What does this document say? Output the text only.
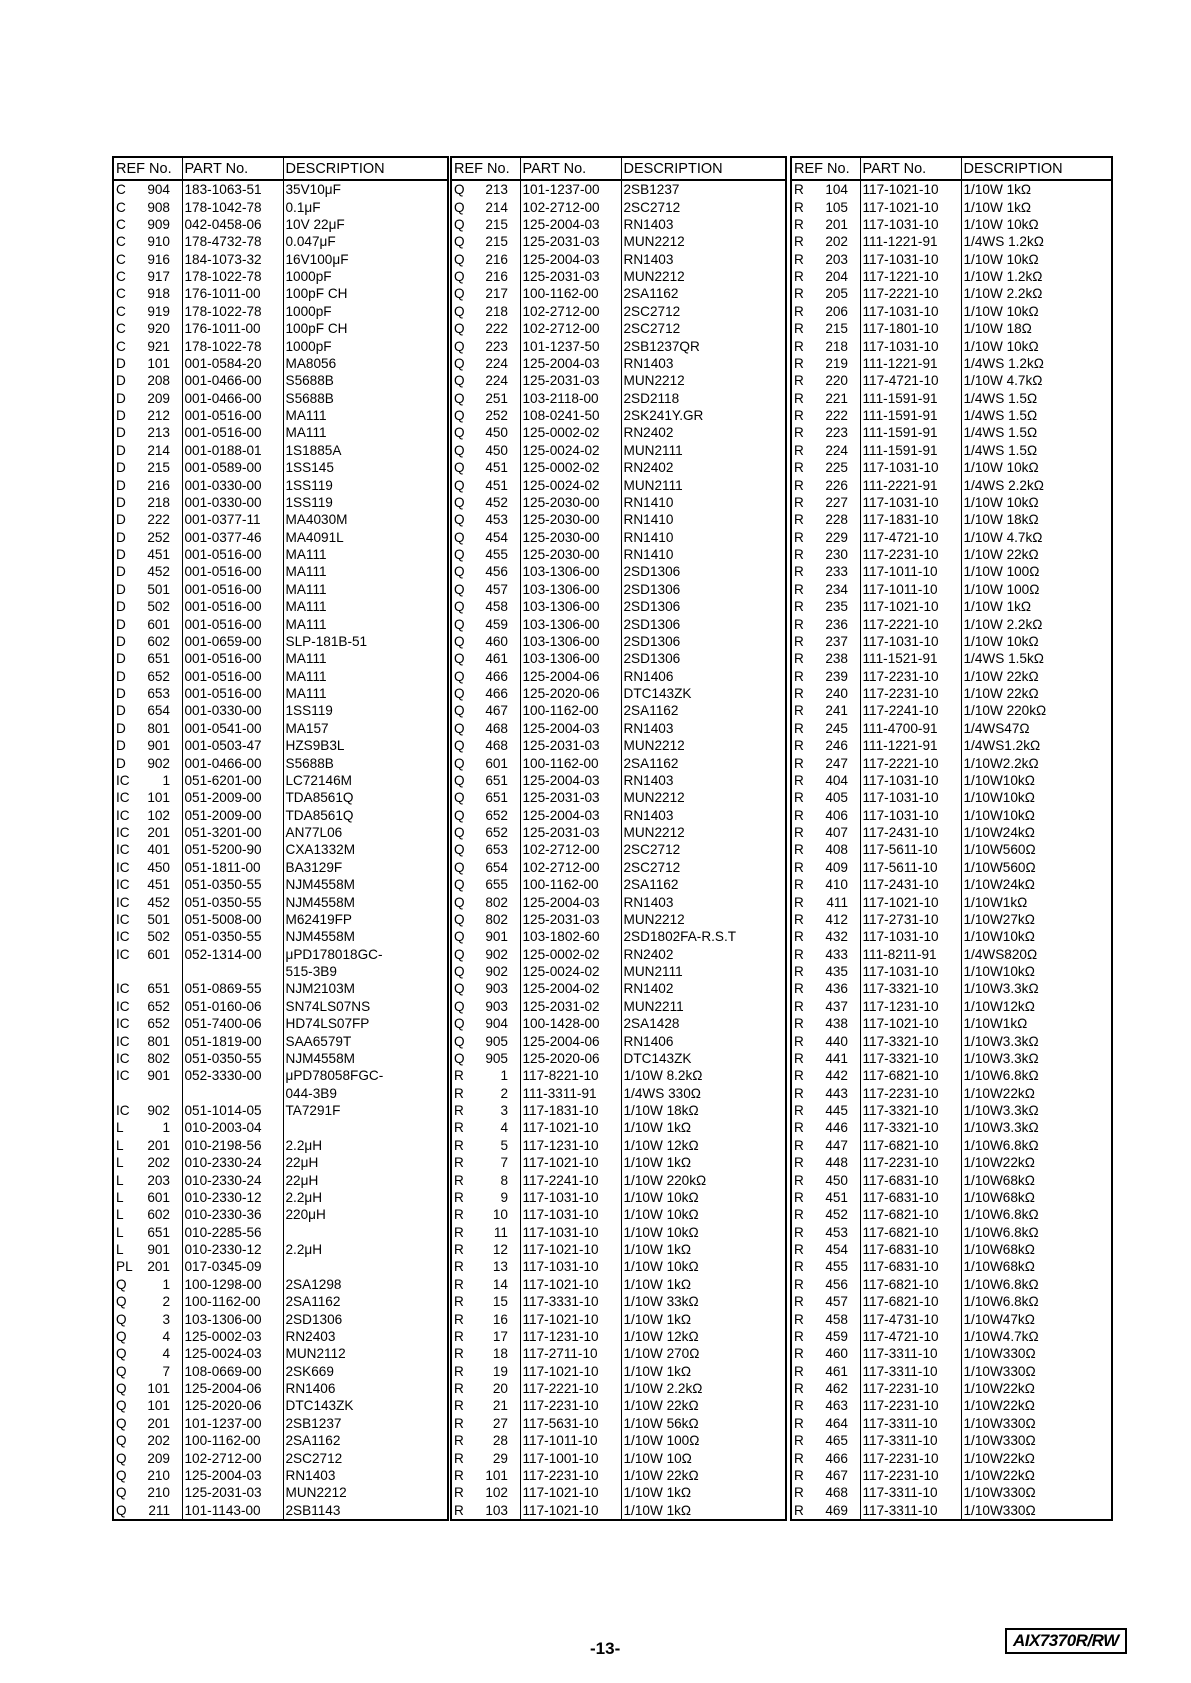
REF No.	PART No.	DESCRIPTION
C 904	183-1063-51	35V10μF
C 908	178-1042-78	0.1μF
C 909	042-0458-06	10V 22μF
C 910	178-4732-78	0.047μF
C 916	184-1073-32	16V100μF
C 917	178-1022-78	1000pF
C 918	176-1011-00	100pF CH
C 919	178-1022-78	1000pF
C 920	176-1011-00	100pF CH
C 921	178-1022-78	1000pF
D 101	001-0584-20	MA8056
D 208	001-0466-00	S5688B
D 209	001-0466-00	S5688B
D 212	001-0516-00	MA111
D 213	001-0516-00	MA111
D 214	001-0188-01	1S1885A
D 215	001-0589-00	1SS145
D 216	001-0330-00	1SS119
D 218	001-0330-00	1SS119
D 222	001-0377-11	MA4030M
D 252	001-0377-46	MA4091L
D 451	001-0516-00	MA111
D 452	001-0516-00	MA111
D 501	001-0516-00	MA111
D 502	001-0516-00	MA111
D 601	001-0516-00	MA111
D 602	001-0659-00	SLP-181B-51
D 651	001-0516-00	MA111
D 652	001-0516-00	MA111
D 653	001-0516-00	MA111
D 654	001-0330-00	1SS119
D 801	001-0541-00	MA157
D 901	001-0503-47	HZS9B3L
D 902	001-0466-00	S5688B
IC 1	051-6201-00	LC72146M
IC 101	051-2009-00	TDA8561Q
IC 102	051-2009-00	TDA8561Q
IC 201	051-3201-00	AN77L06
IC 401	051-5200-90	CXA1332M
IC 450	051-1811-00	BA3129F
IC 451	051-0350-55	NJM4558M
IC 452	051-0350-55	NJM4558M
IC 501	051-5008-00	M62419FP
IC 502	051-0350-55	NJM4558M
IC 601	052-1314-00	μPD178018GC-
		515-3B9
IC 651	051-0869-55	NJM2103M
IC 652	051-0160-06	SN74LS07NS
IC 652	051-7400-06	HD74LS07FP
IC 801	051-1819-00	SAA6579T
IC 802	051-0350-55	NJM4558M
IC 901	052-3330-00	μPD78058FGC-
		044-3B9
IC 902	051-1014-05	TA7291F
L 1	010-2003-04	
L 201	010-2198-56	2.2μH
L 202	010-2330-24	22μH
L 203	010-2330-24	22μH
L 601	010-2330-12	2.2μH
L 602	010-2330-36	220μH
L 651	010-2285-56	
L 901	010-2330-12	2.2μH
PL 201	017-0345-09	
Q 1	100-1298-00	2SA1298
Q 2	100-1162-00	2SA1162
Q 3	103-1306-00	2SD1306
Q 4	125-0002-03	RN2403
Q 4	125-0024-03	MUN2112
Q 7	108-0669-00	2SK669
Q 101	125-2004-06	RN1406
Q 101	125-2020-06	DTC143ZK
Q 201	101-1237-00	2SB1237
Q 202	100-1162-00	2SA1162
Q 209	102-2712-00	2SC2712
Q 210	125-2004-03	RN1403
Q 210	125-2031-03	MUN2212
Q 211	101-1143-00	2SB1143
REF No.	PART No.	DESCRIPTION
Q 213	101-1237-00	2SB1237
Q 214	102-2712-00	2SC2712
Q 215	125-2004-03	RN1403
Q 215	125-2031-03	MUN2212
Q 216	125-2004-03	RN1403
Q 216	125-2031-03	MUN2212
Q 217	100-1162-00	2SA1162
Q 218	102-2712-00	2SC2712
Q 222	102-2712-00	2SC2712
Q 223	101-1237-50	2SB1237QR
Q 224	125-2004-03	RN1403
Q 224	125-2031-03	MUN2212
Q 251	103-2118-00	2SD2118
Q 252	108-0241-50	2SK241Y.GR
Q 450	125-0002-02	RN2402
Q 450	125-0024-02	MUN2111
Q 451	125-0002-02	RN2402
Q 451	125-0024-02	MUN2111
Q 452	125-2030-00	RN1410
Q 453	125-2030-00	RN1410
Q 454	125-2030-00	RN1410
Q 455	125-2030-00	RN1410
Q 456	103-1306-00	2SD1306
Q 457	103-1306-00	2SD1306
Q 458	103-1306-00	2SD1306
Q 459	103-1306-00	2SD1306
Q 460	103-1306-00	2SD1306
Q 461	103-1306-00	2SD1306
Q 466	125-2004-06	RN1406
Q 466	125-2020-06	DTC143ZK
Q 467	100-1162-00	2SA1162
Q 468	125-2004-03	RN1403
Q 468	125-2031-03	MUN2212
Q 601	100-1162-00	2SA1162
Q 651	125-2004-03	RN1403
Q 651	125-2031-03	MUN2212
Q 652	125-2004-03	RN1403
Q 652	125-2031-03	MUN2212
Q 653	102-2712-00	2SC2712
Q 654	102-2712-00	2SC2712
Q 655	100-1162-00	2SA1162
Q 802	125-2004-03	RN1403
Q 802	125-2031-03	MUN2212
Q 901	103-1802-60	2SD1802FA-R.S.T
Q 902	125-0002-02	RN2402
Q 902	125-0024-02	MUN2111
Q 903	125-2004-02	RN1402
Q 903	125-2031-02	MUN2211
Q 904	100-1428-00	2SA1428
Q 905	125-2004-06	RN1406
Q 905	125-2020-06	DTC143ZK
R 1	117-8221-10	1/10W 8.2kΩ
R 2	111-3311-91	1/4WS 330Ω
R 3	117-1831-10	1/10W 18kΩ
R 4	117-1021-10	1/10W 1kΩ
R 5	117-1231-10	1/10W 12kΩ
R 7	117-1021-10	1/10W 1kΩ
R 8	117-2241-10	1/10W 220kΩ
R 9	117-1031-10	1/10W 10kΩ
R 10	117-1031-10	1/10W 10kΩ
R 11	117-1031-10	1/10W 10kΩ
R 12	117-1021-10	1/10W 1kΩ
R 13	117-1031-10	1/10W 10kΩ
R 14	117-1021-10	1/10W 1kΩ
R 15	117-3331-10	1/10W 33kΩ
R 16	117-1021-10	1/10W 1kΩ
R 17	117-1231-10	1/10W 12kΩ
R 18	117-2711-10	1/10W 270Ω
R 19	117-1021-10	1/10W 1kΩ
R 20	117-2221-10	1/10W 2.2kΩ
R 21	117-2231-10	1/10W 22kΩ
R 27	117-5631-10	1/10W 56kΩ
R 28	117-1011-10	1/10W 100Ω
R 29	117-1001-10	1/10W 10Ω
R 101	117-2231-10	1/10W 22kΩ
R 102	117-1021-10	1/10W 1kΩ
R 103	117-1021-10	1/10W 1kΩ
REF No.	PART No.	DESCRIPTION
R 104	117-1021-10	1/10W 1kΩ
R 105	117-1021-10	1/10W 1kΩ
R 201	117-1031-10	1/10W 10kΩ
R 202	111-1221-91	1/4WS 1.2kΩ
R 203	117-1031-10	1/10W 10kΩ
R 204	117-1221-10	1/10W 1.2kΩ
R 205	117-2221-10	1/10W 2.2kΩ
R 206	117-1031-10	1/10W 10kΩ
R 215	117-1801-10	1/10W 18Ω
R 218	117-1031-10	1/10W 10kΩ
R 219	111-1221-91	1/4WS 1.2kΩ
R 220	117-4721-10	1/10W 4.7kΩ
R 221	111-1591-91	1/4WS 1.5Ω
R 222	111-1591-91	1/4WS 1.5Ω
R 223	111-1591-91	1/4WS 1.5Ω
R 224	111-1591-91	1/4WS 1.5Ω
R 225	117-1031-10	1/10W 10kΩ
R 226	111-2221-91	1/4WS 2.2kΩ
R 227	117-1031-10	1/10W 10kΩ
R 228	117-1831-10	1/10W 18kΩ
R 229	117-4721-10	1/10W 4.7kΩ
R 230	117-2231-10	1/10W 22kΩ
R 233	117-1011-10	1/10W 100Ω
R 234	117-1011-10	1/10W 100Ω
R 235	117-1021-10	1/10W 1kΩ
R 236	117-2221-10	1/10W 2.2kΩ
R 237	117-1031-10	1/10W 10kΩ
R 238	111-1521-91	1/4WS 1.5kΩ
R 239	117-2231-10	1/10W 22kΩ
R 240	117-2231-10	1/10W 22kΩ
R 241	117-2241-10	1/10W 220kΩ
R 245	111-4700-91	1/4WS47Ω
R 246	111-1221-91	1/4WS1.2kΩ
R 247	117-2221-10	1/10W2.2kΩ
R 404	117-1031-10	1/10W10kΩ
R 405	117-1031-10	1/10W10kΩ
R 406	117-1031-10	1/10W10kΩ
R 407	117-2431-10	1/10W24kΩ
R 408	117-5611-10	1/10W560Ω
R 409	117-5611-10	1/10W560Ω
R 410	117-2431-10	1/10W24kΩ
R 411	117-1021-10	1/10W1kΩ
R 412	117-2731-10	1/10W27kΩ
R 432	117-1031-10	1/10W10kΩ
R 433	111-8211-91	1/4WS820Ω
R 435	117-1031-10	1/10W10kΩ
R 436	117-3321-10	1/10W3.3kΩ
R 437	117-1231-10	1/10W12kΩ
R 438	117-1021-10	1/10W1kΩ
R 440	117-3321-10	1/10W3.3kΩ
R 441	117-3321-10	1/10W3.3kΩ
R 442	117-6821-10	1/10W6.8kΩ
R 443	117-2231-10	1/10W22kΩ
R 445	117-3321-10	1/10W3.3kΩ
R 446	117-3321-10	1/10W3.3kΩ
R 447	117-6821-10	1/10W6.8kΩ
R 448	117-2231-10	1/10W22kΩ
R 450	117-6831-10	1/10W68kΩ
R 451	117-6831-10	1/10W68kΩ
R 452	117-6821-10	1/10W6.8kΩ
R 453	117-6821-10	1/10W6.8kΩ
R 454	117-6831-10	1/10W68kΩ
R 455	117-6831-10	1/10W68kΩ
R 456	117-6821-10	1/10W6.8kΩ
R 457	117-6821-10	1/10W6.8kΩ
R 458	117-4731-10	1/10W47kΩ
R 459	117-4721-10	1/10W4.7kΩ
R 460	117-3311-10	1/10W330Ω
R 461	117-3311-10	1/10W330Ω
R 462	117-2231-10	1/10W22kΩ
R 463	117-2231-10	1/10W22kΩ
R 464	117-3311-10	1/10W330Ω
R 465	117-3311-10	1/10W330Ω
R 466	117-2231-10	1/10W22kΩ
R 467	117-2231-10	1/10W22kΩ
R 468	117-3311-10	1/10W330Ω
R 469	117-3311-10	1/10W330Ω
-13-	AIX7370R/RW
